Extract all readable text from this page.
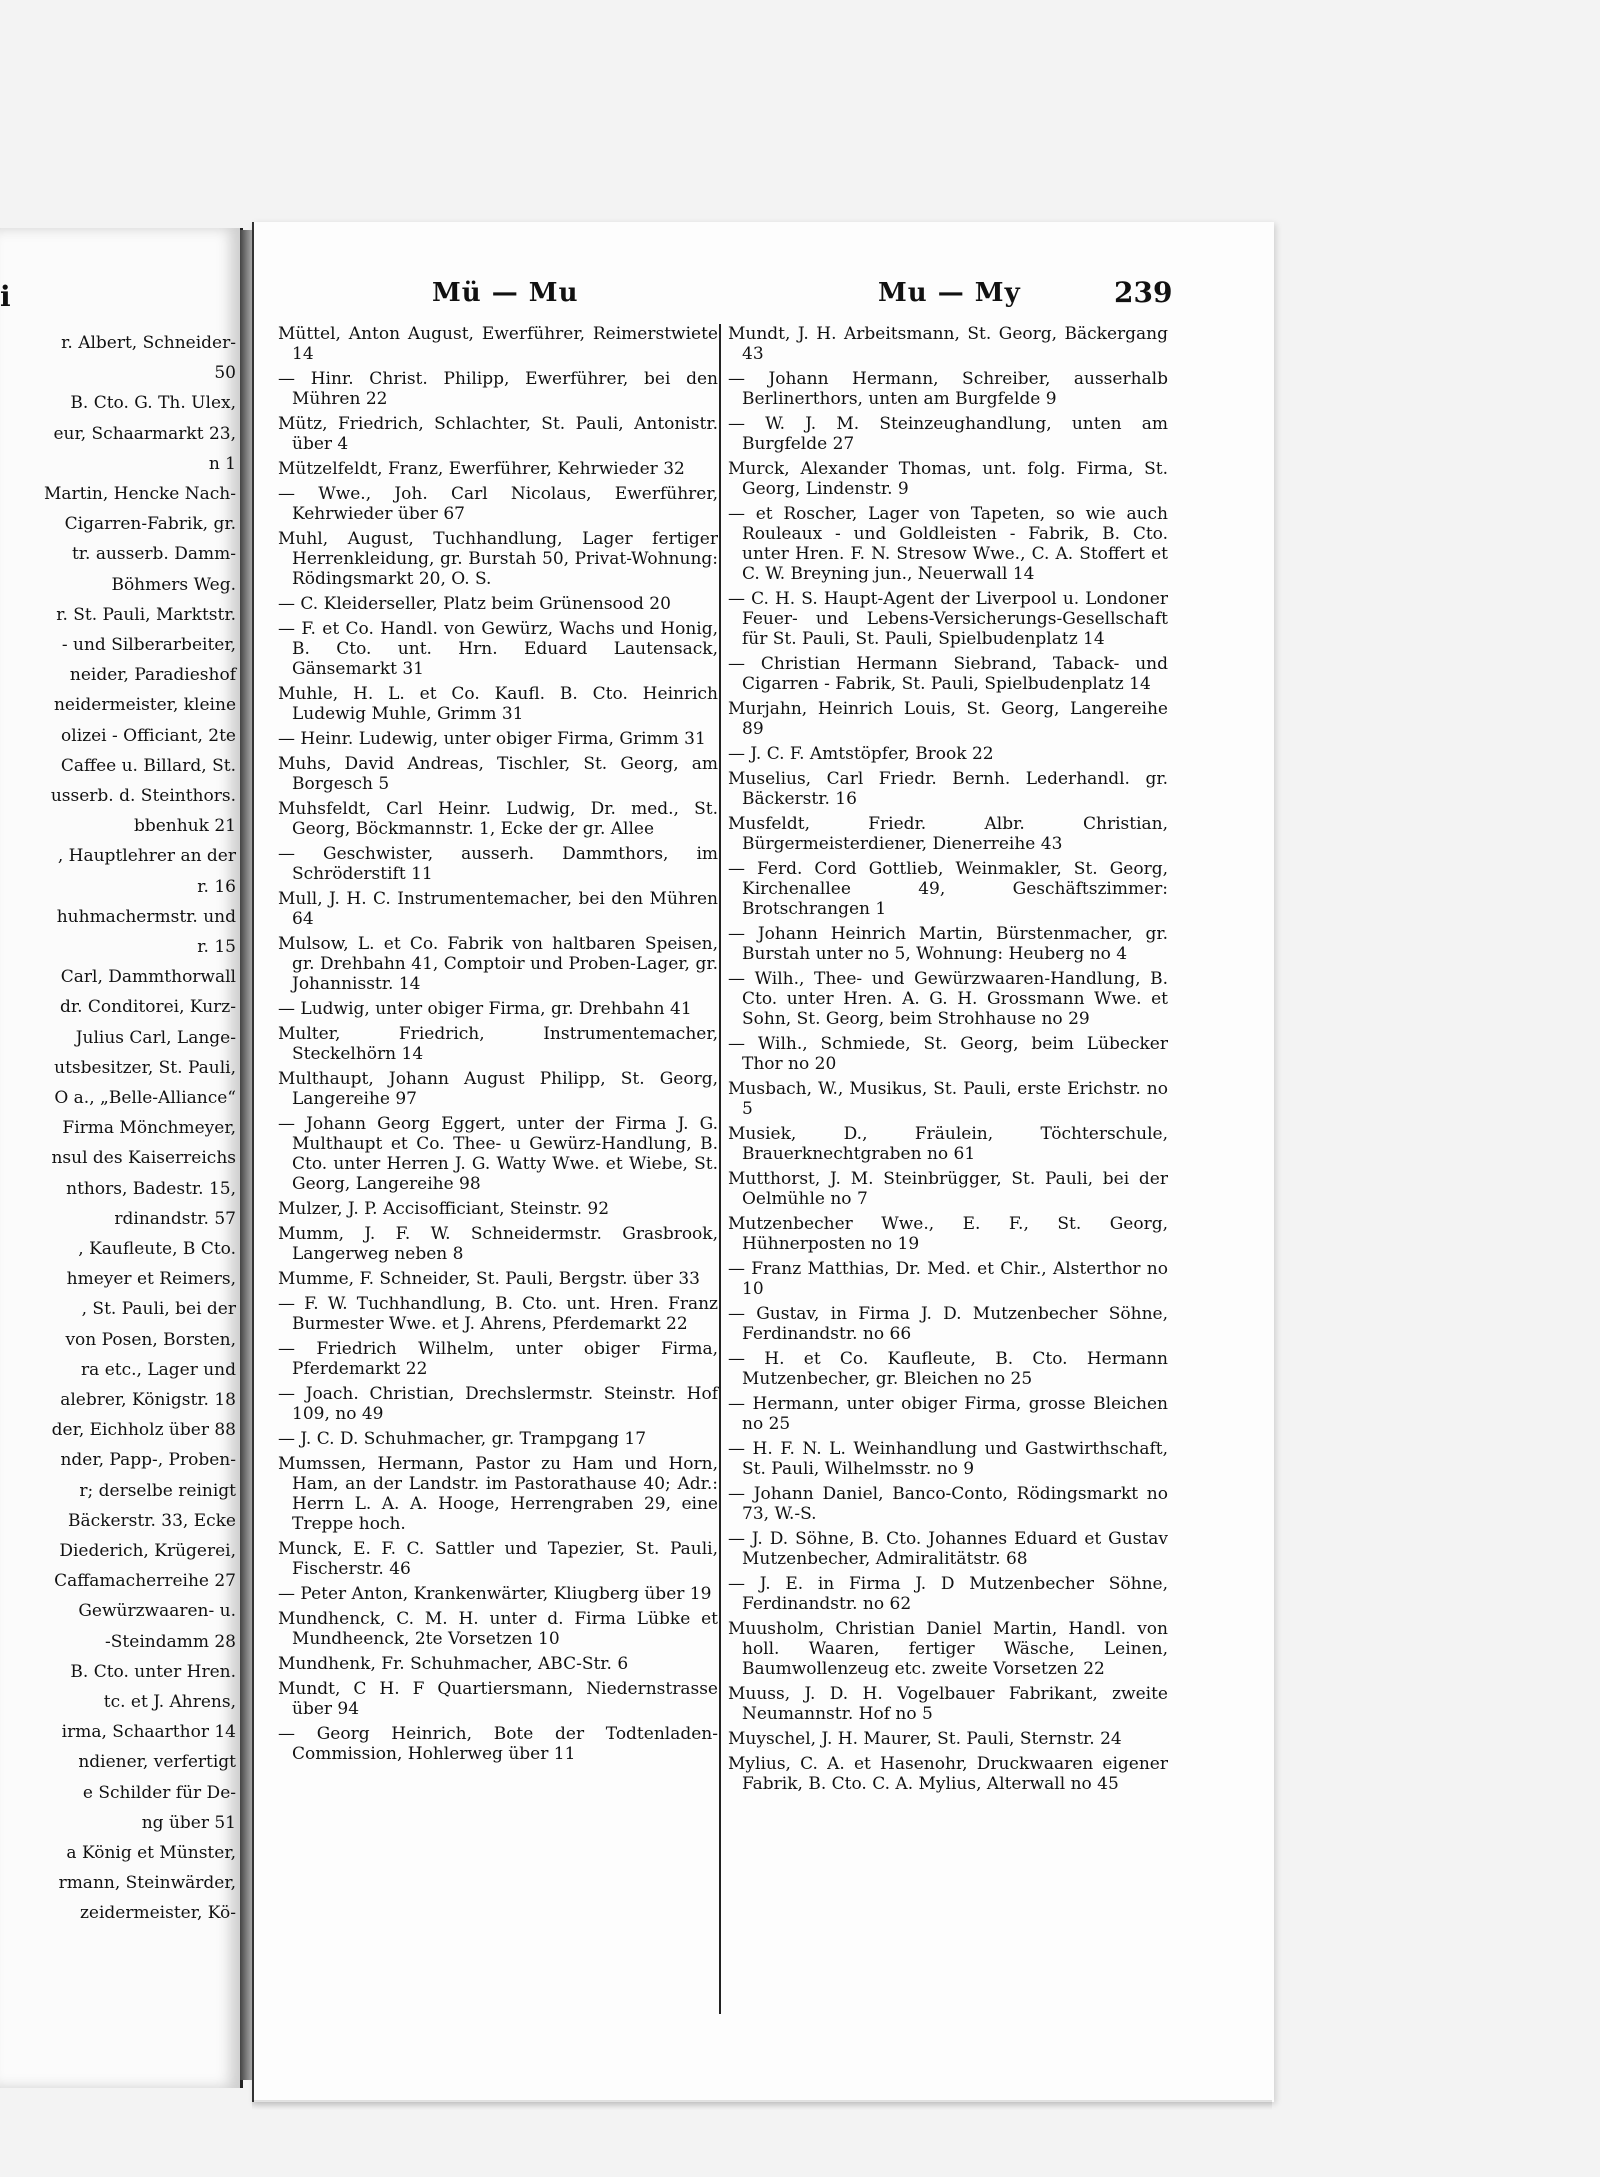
i
r. Albert, Schneider-
50
B. Cto. G. Th. Ulex,
eur, Schaarmarkt 23,
n 1
Martin, Hencke Nach-
Cigarren-Fabrik, gr.
tr. ausserb. Damm-
Böhmers Weg.
r. St. Pauli, Marktstr.
- und Silberarbeiter,
neider, Paradieshof
neidermeister, kleine
olizei - Officiant, 2te
Caffee u. Billard, St.
usserb. d. Steinthors.
bbenhuk 21
, Hauptlehrer an der
r. 16
huhmachermstr. und
r. 15
Carl, Dammthorwall
dr. Conditorei, Kurz-
Julius Carl, Lange-
utsbesitzer, St. Pauli,
O a., „Belle-Alliance“
Firma Mönchmeyer,
nsul des Kaiserreichs
nthors, Badestr. 15,
rdinandstr. 57
, Kaufleute, B Cto.
hmeyer et Reimers,
, St. Pauli, bei der
von Posen, Borsten,
ra etc., Lager und
alebrer, Königstr. 18
der, Eichholz über 88
nder, Papp-, Proben-
r; derselbe reinigt
Bäckerstr. 33, Ecke
Diederich, Krügerei,
Caffamacherreihe 27
Gewürzwaaren- u.
-Steindamm 28
B. Cto. unter Hren.
tc. et J. Ahrens,
irma, Schaarthor 14
ndiener, verfertigt
e Schilder für De-
ng über 51
a König et Münster,
rmann, Steinwärder,
zeidermeister, Kö-
Mü — Mu	Mu — My	239
Müttel, Anton August, Ewerführer, Reimerstwiete 14
— Hinr. Christ. Philipp, Ewerführer, bei den Mühren 22
Mütz, Friedrich, Schlachter, St. Pauli, Antonistr. über 4
Mützelfeldt, Franz, Ewerführer, Kehrwieder 32
— Wwe., Joh. Carl Nicolaus, Ewerführer, Kehrwieder über 67
Muhl, August, Tuchhandlung, Lager fertiger Herrenkleidung, gr. Burstah 50, Privat-Wohnung: Rödingsmarkt 20, O. S.
— C. Kleiderseller, Platz beim Grünensood 20
— F. et Co. Handl. von Gewürz, Wachs und Honig, B. Cto. unt. Hrn. Eduard Lautensack, Gänsemarkt 31
Muhle, H. L. et Co. Kaufl. B. Cto. Heinrich Ludewig Muhle, Grimm 31
— Heinr. Ludewig, unter obiger Firma, Grimm 31
Muhs, David Andreas, Tischler, St. Georg, am Borgesch 5
Muhsfeldt, Carl Heinr. Ludwig, Dr. med., St. Georg, Böckmannstr. 1, Ecke der gr. Allee
— Geschwister, ausserh. Dammthors, im Schröderstift 11
Mull, J. H. C. Instrumentemacher, bei den Mühren 64
Mulsow, L. et Co. Fabrik von haltbaren Speisen, gr. Drehbahn 41, Comptoir und Proben-Lager, gr. Johannisstr. 14
— Ludwig, unter obiger Firma, gr. Drehbahn 41
Multer, Friedrich, Instrumentemacher, Steckelhörn 14
Multhaupt, Johann August Philipp, St. Georg, Langereihe 97
— Johann Georg Eggert, unter der Firma J. G. Multhaupt et Co. Thee- u Gewürz-Handlung, B. Cto. unter Herren J. G. Watty Wwe. et Wiebe, St. Georg, Langereihe 98
Mulzer, J. P. Accisofficiant, Steinstr. 92
Mumm, J. F. W. Schneidermstr. Grasbrook, Langerweg neben 8
Mumme, F. Schneider, St. Pauli, Bergstr. über 33
— F. W. Tuchhandlung, B. Cto. unt. Hren. Franz Burmester Wwe. et J. Ahrens, Pferdemarkt 22
— Friedrich Wilhelm, unter obiger Firma, Pferdemarkt 22
— Joach. Christian, Drechslermstr. Steinstr. Hof 109, no 49
— J. C. D. Schuhmacher, gr. Trampgang 17
Mumssen, Hermann, Pastor zu Ham und Horn, Ham, an der Landstr. im Pastorathause 40; Adr.: Herrn L. A. A. Hooge, Herrengraben 29, eine Treppe hoch.
Munck, E. F. C. Sattler und Tapezier, St. Pauli, Fischerstr. 46
— Peter Anton, Krankenwärter, Kliugberg über 19
Mundhenck, C. M. H. unter d. Firma Lübke et Mundheenck, 2te Vorsetzen 10
Mundhenk, Fr. Schuhmacher, ABC-Str. 6
Mundt, C H. F Quartiersmann, Niedernstrasse über 94
— Georg Heinrich, Bote der Todtenladen-Commission, Hohlerweg über 11
Mundt, J. H. Arbeitsmann, St. Georg, Bäckergang 43
— Johann Hermann, Schreiber, ausserhalb Berlinerthors, unten am Burgfelde 9
— W. J. M. Steinzeughandlung, unten am Burgfelde 27
Murck, Alexander Thomas, unt. folg. Firma, St. Georg, Lindenstr. 9
— et Roscher, Lager von Tapeten, so wie auch Rouleaux - und Goldleisten - Fabrik, B. Cto. unter Hren. F. N. Stresow Wwe., C. A. Stoffert et C. W. Breyning jun., Neuerwall 14
— C. H. S. Haupt-Agent der Liverpool u. Londoner Feuer- und Lebens-Versicherungs-Gesellschaft für St. Pauli, St. Pauli, Spielbudenplatz 14
— Christian Hermann Siebrand, Taback- und Cigarren - Fabrik, St. Pauli, Spielbudenplatz 14
Murjahn, Heinrich Louis, St. Georg, Langereihe 89
— J. C. F. Amtstöpfer, Brook 22
Muselius, Carl Friedr. Bernh. Lederhandl. gr. Bäckerstr. 16
Musfeldt, Friedr. Albr. Christian, Bürgermeisterdiener, Dienerreihe 43
— Ferd. Cord Gottlieb, Weinmakler, St. Georg, Kirchenallee 49, Geschäftszimmer: Brotschrangen 1
— Johann Heinrich Martin, Bürstenmacher, gr. Burstah unter no 5, Wohnung: Heuberg no 4
— Wilh., Thee- und Gewürzwaaren-Handlung, B. Cto. unter Hren. A. G. H. Grossmann Wwe. et Sohn, St. Georg, beim Strohhause no 29
— Wilh., Schmiede, St. Georg, beim Lübecker Thor no 20
Musbach, W., Musikus, St. Pauli, erste Erichstr. no 5
Musiek, D., Fräulein, Töchterschule, Brauerknechtgraben no 61
Mutthorst, J. M. Steinbrügger, St. Pauli, bei der Oelmühle no 7
Mutzenbecher Wwe., E. F., St. Georg, Hühnerposten no 19
— Franz Matthias, Dr. Med. et Chir., Alsterthor no 10
— Gustav, in Firma J. D. Mutzenbecher Söhne, Ferdinandstr. no 66
— H. et Co. Kaufleute, B. Cto. Hermann Mutzenbecher, gr. Bleichen no 25
— Hermann, unter obiger Firma, grosse Bleichen no 25
— H. F. N. L. Weinhandlung und Gastwirthschaft, St. Pauli, Wilhelmsstr. no 9
— Johann Daniel, Banco-Conto, Rödingsmarkt no 73, W.-S.
— J. D. Söhne, B. Cto. Johannes Eduard et Gustav Mutzenbecher, Admiralitätstr. 68
— J. E. in Firma J. D Mutzenbecher Söhne, Ferdinandstr. no 62
Muusholm, Christian Daniel Martin, Handl. von holl. Waaren, fertiger Wäsche, Leinen, Baumwollenzeug etc. zweite Vorsetzen 22
Muuss, J. D. H. Vogelbauer Fabrikant, zweite Neumannstr. Hof no 5
Muyschel, J. H. Maurer, St. Pauli, Sternstr. 24
Mylius, C. A. et Hasenohr, Druckwaaren eigener Fabrik, B. Cto. C. A. Mylius, Alterwall no 45
